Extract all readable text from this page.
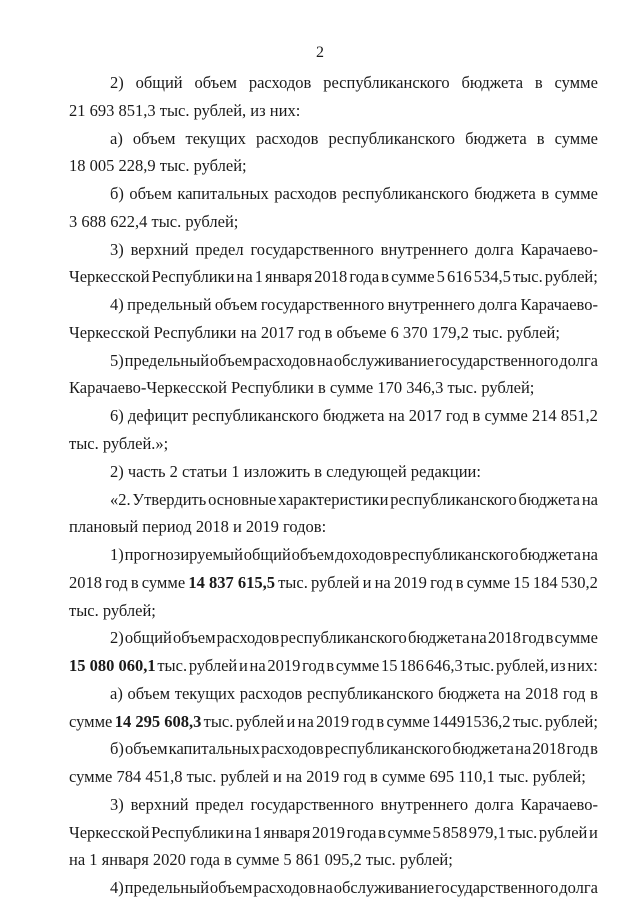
2
2) общий объем расходов республиканского бюджета в сумме
21 693 851,3 тыс. рублей, из них:
а) объем текущих расходов республиканского бюджета в сумме
18 005 228,9 тыс. рублей;
б) объем капитальных расходов республиканского бюджета в сумме
3 688 622,4 тыс. рублей;
3) верхний предел государственного внутреннего долга Карачаево-
Черкесской Республики на 1 января 2018 года в сумме 5 616 534,5 тыс. рублей;
4) предельный объем государственного внутреннего долга Карачаево-
Черкесской Республики на 2017 год в объеме 6 370 179,2 тыс. рублей;
5) предельный объем расходов на обслуживание государственного долга
Карачаево-Черкесской Республики в сумме 170 346,3 тыс. рублей;
6) дефицит республиканского бюджета на 2017 год в сумме 214 851,2
тыс. рублей.»;
2) часть 2 статьи 1 изложить в следующей редакции:
«2. Утвердить основные характеристики республиканского бюджета на
плановый период 2018 и 2019 годов:
1) прогнозируемый общий объем доходов республиканского бюджета на
2018 год в сумме 14 837 615,5 тыс. рублей и на 2019 год в сумме 15 184 530,2
тыс. рублей;
2) общий объем расходов республиканского бюджета на 2018 год в сумме
15 080 060,1 тыс. рублей и на 2019 год в сумме 15 186 646,3 тыс. рублей, из них:
а) объем текущих расходов республиканского бюджета на 2018 год в
сумме 14 295 608,3 тыс. рублей и на 2019 год в сумме 14491536,2 тыс. рублей;
б) объем капитальных расходов республиканского бюджета на 2018 год в
сумме 784 451,8 тыс. рублей и на 2019 год в сумме 695 110,1 тыс. рублей;
3) верхний предел государственного внутреннего долга Карачаево-
Черкесской Республики на 1 января 2019 года в сумме 5 858 979,1 тыс. рублей и
на 1 января 2020 года в сумме 5 861 095,2 тыс. рублей;
4) предельный объем расходов на обслуживание государственного долга
